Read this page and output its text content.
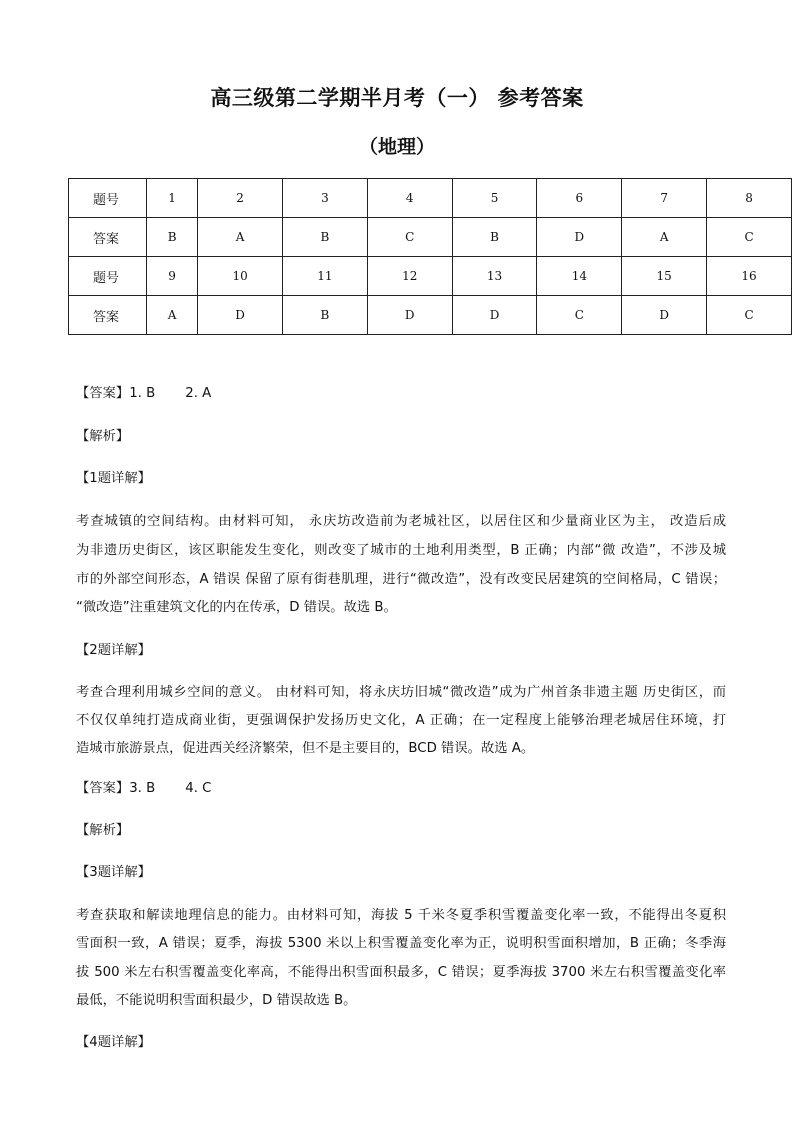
高三级第二学期半月考（一） 参考答案
（地理）
题号	1	2	3	4	5	6	7	8
答案	B	A	B	C	B	D	A	C
题号	9	10	11	12	13	14	15	16
答案	A	D	B	D	D	C	D	C
【答案】1. B 2. A
【解析】
【1题详解】
考查城镇的空间结构。由材料可知， 永庆坊改造前为老城社区，以居住区和少量商业区为主， 改造后成
为非遗历史街区，该区职能发生变化，则改变了城市的土地利用类型，B 正确；内部“微 改造”，不涉及城
市的外部空间形态，A 错误 保留了原有街巷肌理，进行“微改造”，没有改变民居建筑的空间格局，C 错误；
“微改造”注重建筑文化的内在传承，D 错误。故选 B。
【2题详解】
考查合理利用城乡空间的意义。 由材料可知，将永庆坊旧城“微改造”成为广州首条非遗主题 历史街区，而
不仅仅单纯打造成商业街，更强调保护发扬历史文化，A 正确；在一定程度上能够治理老城居住环境，打
造城市旅游景点，促进西关经济繁荣，但不是主要目的，BCD 错误。故选 A。
【答案】3. B 4. C
【解析】
【3题详解】
考查获取和解读地理信息的能力。由材料可知，海拔 5 千米冬夏季积雪覆盖变化率一致，不能得出冬夏积
雪面积一致，A 错误；夏季，海拔 5300 米以上积雪覆盖变化率为正，说明积雪面积增加，B 正确；冬季海
拔 500 米左右积雪覆盖变化率高，不能得出积雪面积最多，C 错误；夏季海拔 3700 米左右积雪覆盖变化率
最低，不能说明积雪面积最少，D 错误故选 B。
【4题详解】
